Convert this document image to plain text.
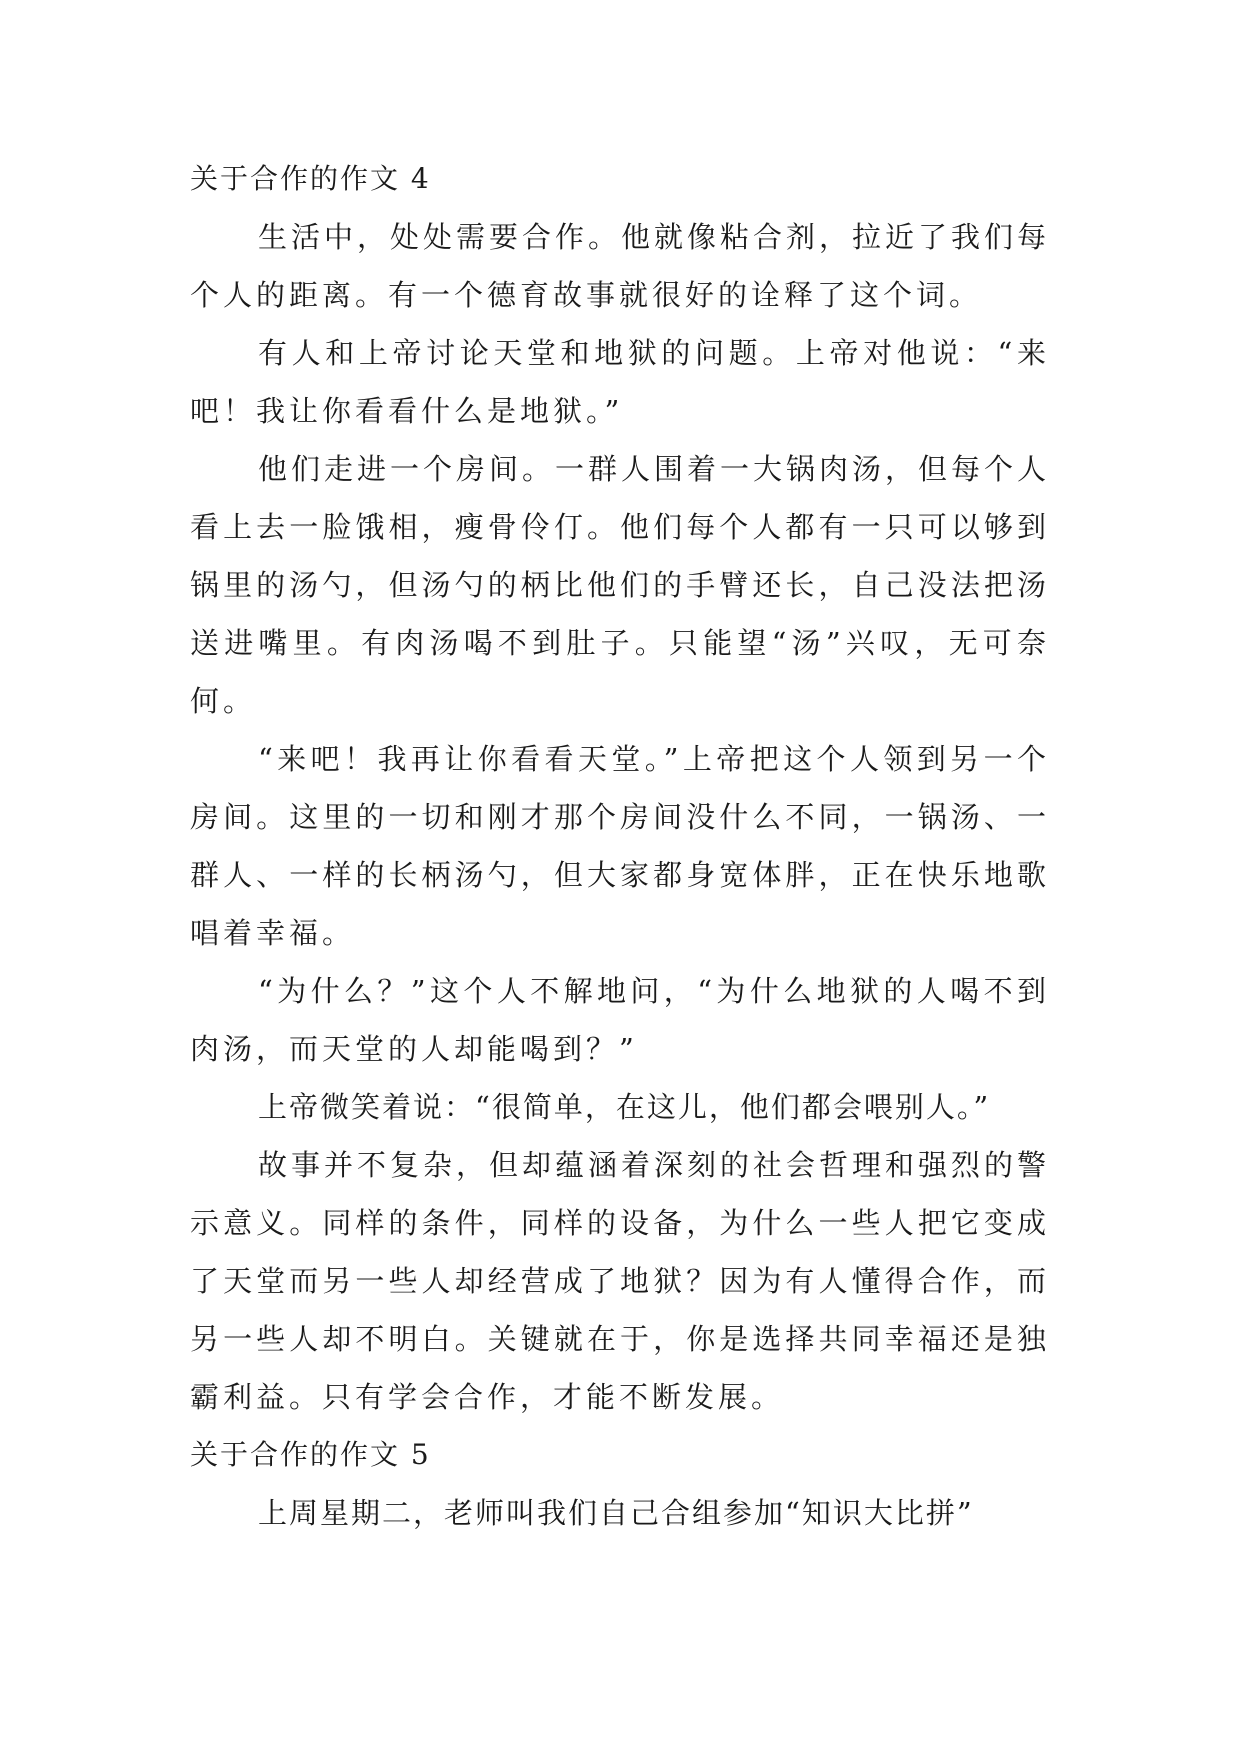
关于合作的作文 4

生活中，处处需要合作。他就像粘合剂，拉近了我们每个人的距离。有一个德育故事就很好的诠释了这个词。

有人和上帝讨论天堂和地狱的问题。上帝对他说：“来吧！我让你看看什么是地狱。”

他们走进一个房间。一群人围着一大锅肉汤，但每个人看上去一脸饿相，瘦骨伶仃。他们每个人都有一只可以够到锅里的汤勺，但汤勺的柄比他们的手臂还长，自己没法把汤送进嘴里。有肉汤喝不到肚子。只能望“汤”兴叹，无可奈何。

“来吧！我再让你看看天堂。”上帝把这个人领到另一个房间。这里的一切和刚才那个房间没什么不同，一锅汤、一群人、一样的长柄汤勺，但大家都身宽体胖，正在快乐地歌唱着幸福。

“为什么？”这个人不解地问，“为什么地狱的人喝不到肉汤，而天堂的人却能喝到？”

上帝微笑着说：“很简单，在这儿，他们都会喂别人。”

故事并不复杂，但却蕴涵着深刻的社会哲理和强烈的警示意义。同样的条件，同样的设备，为什么一些人把它变成了天堂而另一些人却经营成了地狱？因为有人懂得合作，而另一些人却不明白。关键就在于，你是选择共同幸福还是独霸利益。只有学会合作，才能不断发展。

关于合作的作文 5

上周星期二，老师叫我们自己合组参加“知识大比拼”
